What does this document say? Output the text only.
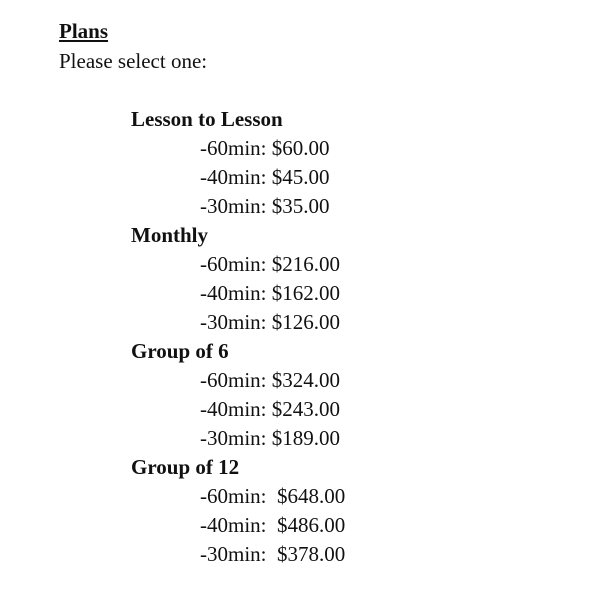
Plans

Please select one:

Lesson to Lesson
-60min: $60.00
-40min: $45.00
-30min: $35.00
Monthly
-60min: $216.00
-40min: $162.00
-30min: $126.00
Group of 6
-60min: $324.00
-40min: $243.00
-30min: $189.00
Group of 12
-60min:  $648.00
-40min:  $486.00
-30min:  $378.00
